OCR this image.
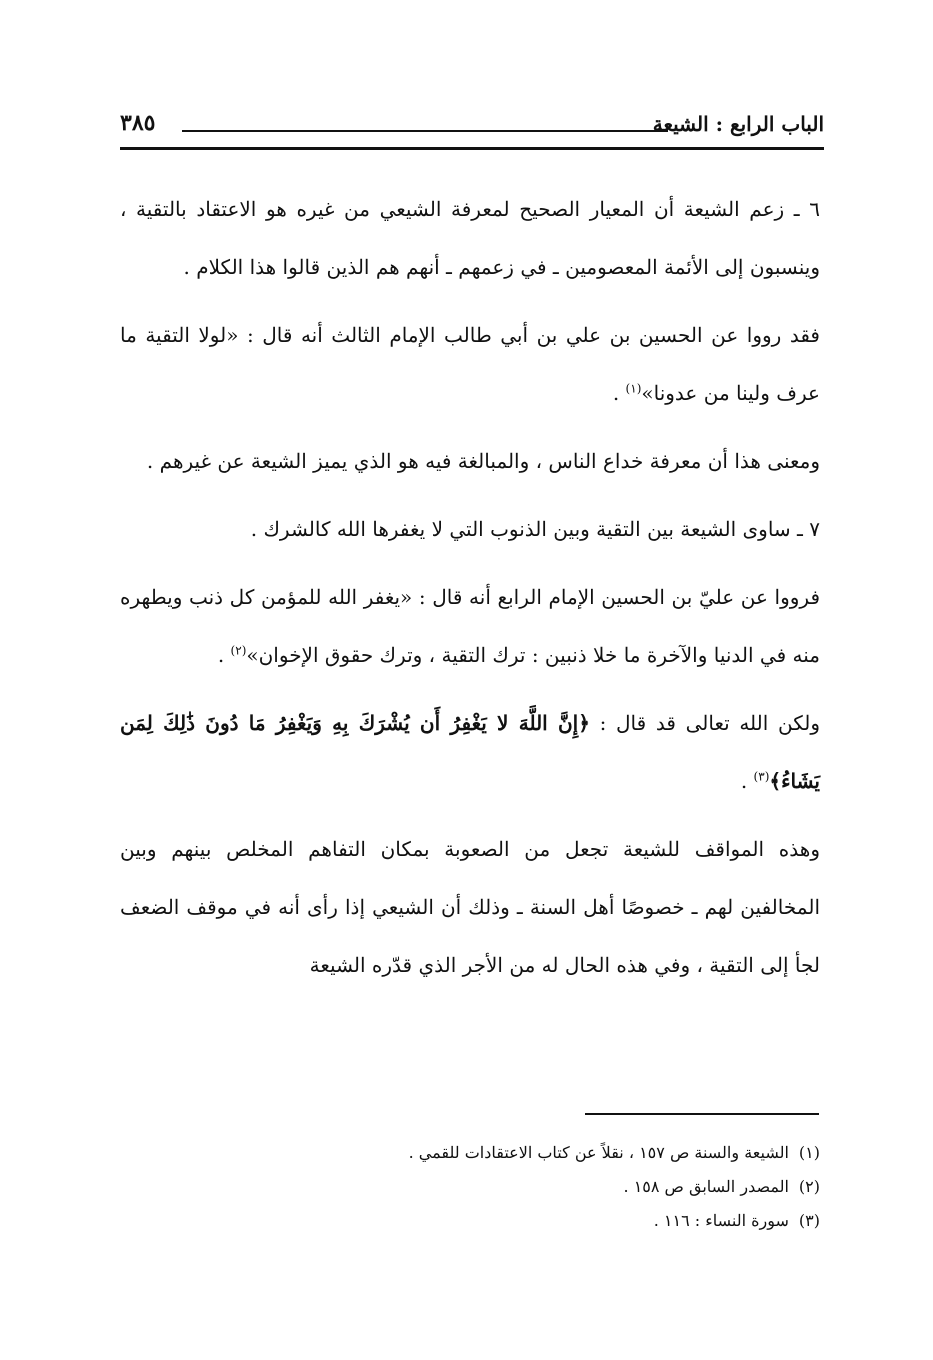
الباب الرابع : الشيعة
٣٨٥

٦ ـ زعم الشيعة أن المعيار الصحيح لمعرفة الشيعي من غيره هو الاعتقاد بالتقية ، وينسبون إلى الأئمة المعصومين ـ في زعمهم ـ أنهم هم الذين قالوا هذا الكلام .

فقد رووا عن الحسين بن علي بن أبي طالب الإمام الثالث أنه قال : «لولا التقية ما عرف ولينا من عدونا»$^{(١)}$ .

ومعنى هذا أن معرفة خداع الناس ، والمبالغة فيه هو الذي يميز الشيعة عن غيرهم .

٧ ـ ساوى الشيعة بين التقية وبين الذنوب التي لا يغفرها الله كالشرك .

فرووا عن عليّ بن الحسين الإمام الرابع أنه قال : «يغفر الله للمؤمن كل ذنب ويطهره منه في الدنيا والآخرة ما خلا ذنبين : ترك التقية ، وترك حقوق الإخوان»$^{(٢)}$ .

ولكن الله تعالى قد قال : ﴿إِنَّ اللَّهَ لا يَغْفِرُ أَن يُشْرَكَ بِهِ وَيَغْفِرُ مَا دُونَ ذَٰلِكَ لِمَن يَشَاءُ﴾$^{(٣)}$ .

وهذه المواقف للشيعة تجعل من الصعوبة بمكان التفاهم المخلص بينهم وبين المخالفين لهم ـ خصوصًا أهل السنة ـ وذلك أن الشيعي إذا رأى أنه في موقف الضعف لجأ إلى التقية ، وفي هذه الحال له من الأجر الذي قدّره الشيعة

(١)الشيعة والسنة ص ١٥٧ ، نقلاً عن كتاب الاعتقادات للقمي .

(٢)المصدر السابق ص ١٥٨ .

(٣)سورة النساء : ١١٦ .
